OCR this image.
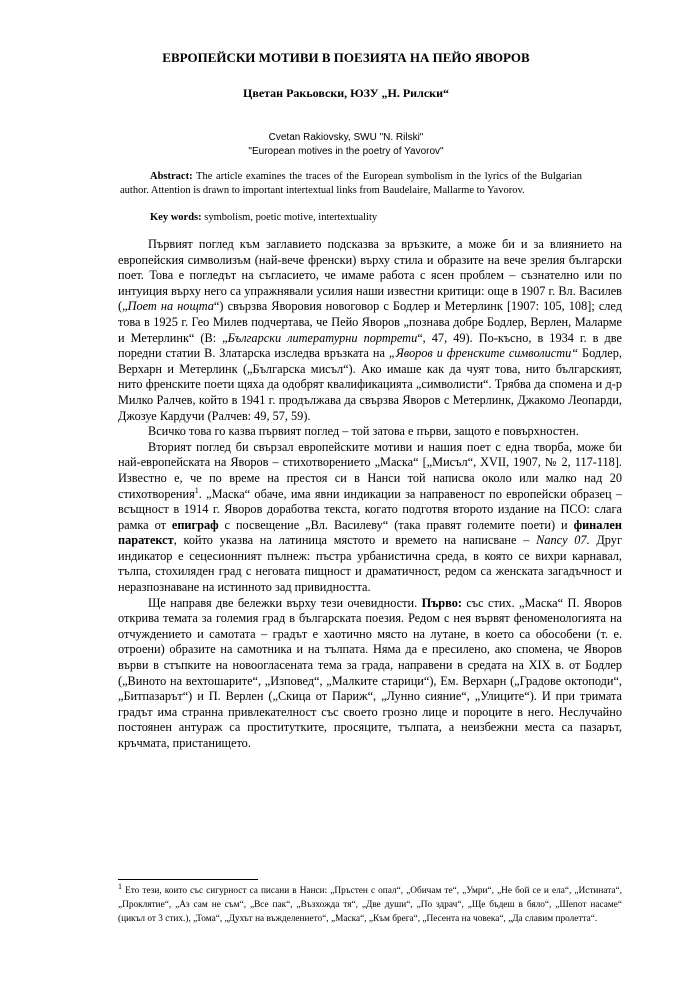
ЕВРОПЕЙСКИ МОТИВИ В ПОЕЗИЯТА НА ПЕЙО ЯВОРОВ
Цветан Ракьовски, ЮЗУ „Н. Рилски“
Cvetan Rakiovsky, SWU "N. Rilski"
"European motives in the poetry of Yavorov"
Abstract: The article examines the traces of the European symbolism in the lyrics of the Bulgarian author. Attention is drawn to important intertextual links from Baudelaire, Mallarme to Yavorov.
Key words: symbolism, poetic motive, intertextuality

Първият поглед към заглавието подсказва за връзките, а може би и за влиянието на европейския символизъм (най-вече френски) върху стила и образите на вече зрелия български поет. Това е погледът на съгласието, че имаме работа с ясен проблем – съзнателно или по интуиция върху него са упражнявали усилия наши известни критици: още в 1907 г. Вл. Василев („Поет на нощта“) свързва Яворовия новоговор с Бодлер и Метерлинк [1907: 105, 108]; след това в 1925 г. Гео Милев подчертава, че Пейо Яворов „познава добре Бодлер, Верлен, Маларме и Метерлинк“ (В: „Български литературни портрети“, 47, 49). По-късно, в 1934 г. в две поредни статии В. Златарска изследва връзката на „Яворов и френските символисти“ Бодлер, Верхарн и Метерлинк („Българска мисъл“). Ако имаше как да чуят това, нито българският, нито френските поети щяха да одобрят квалификацията „символисти“. Трябва да спомена и д-р Милко Ралчев, който в 1941 г. продължава да свързва Яворов с Метерлинк, Джакомо Леопарди, Джозуе Кардучи (Ралчев: 49, 57, 59).

Всичко това го казва първият поглед – той затова е първи, защото е повърхностен.

Вторият поглед би свързал европейските мотиви и нашия поет с една творба, може би най-европейската на Яворов – стихотворението „Маска“ [„Мисъл“, XVII, 1907, № 2, 117-118]. Известно е, че по време на престоя си в Нанси той написва около или малко над 20 стихотворения$^1$. „Маска“ обаче, има явни индикации за направеност по европейски образец – всъщност в 1914 г. Яворов доработва текста, когато подготвя второто издание на ПСО: слага рамка от епиграф с посвещение „Вл. Василеву“ (така правят големите поети) и финален паратекст, който указва на латиница мястото и времето на написване – Nancy 07. Друг индикатор е сецесионният пълнеж: пъстра урбанистична среда, в която се вихри карнавал, тълпа, стохиляден град с неговата пищност и драматичност, редом са женската загадъчност и неразпознаване на истинното зад привидността.

Ще направя две бележки върху тези очевидности. Първо: със стих. „Маска“ П. Яворов открива темата за големия град в българската поезия. Редом с нея вървят феноменологията на отчуждението и самотата – градът е хаотично място на лутане, в което са обособени (т. е. отроени) образите на самотника и на тълпата. Няма да е пресилено, ако спомена, че Яворов върви в стъпките на новоогласената тема за града, направени в средата на XIX в. от Бодлер („Виното на вехтошарите“, „Изповед“, „Малките старици“), Ем. Верхарн („Градове октоподи“, „Битпазарът“) и П. Верлен („Скица от Париж“, „Лунно сияние“, „Улиците“). И при тримата градът има странна привлекателност със своето грозно лице и пороците в него. Неслучайно постоянен антураж са проститутките, просяците, тълпата, а неизбежни места са пазарът, кръчмата, пристанището.

$^1$ Ето тези, които със сигурност са писани в Нанси: „Пръстен с опал“, „Обичам те“, „Умри“, „Не бой се и ела“, „Истината“, „Проклятие“, „Аз сам не съм“, „Все пак“, „Възхожда тя“, „Две души“, „По здрач“, „Ще бъдеш в бяло“, „Шепот насаме“ (цикъл от 3 стих.), „Тома“, „Духът на въжделението“, „Маска“, „Към брега“, „Песента на човека“, „Да славим пролетта“.
